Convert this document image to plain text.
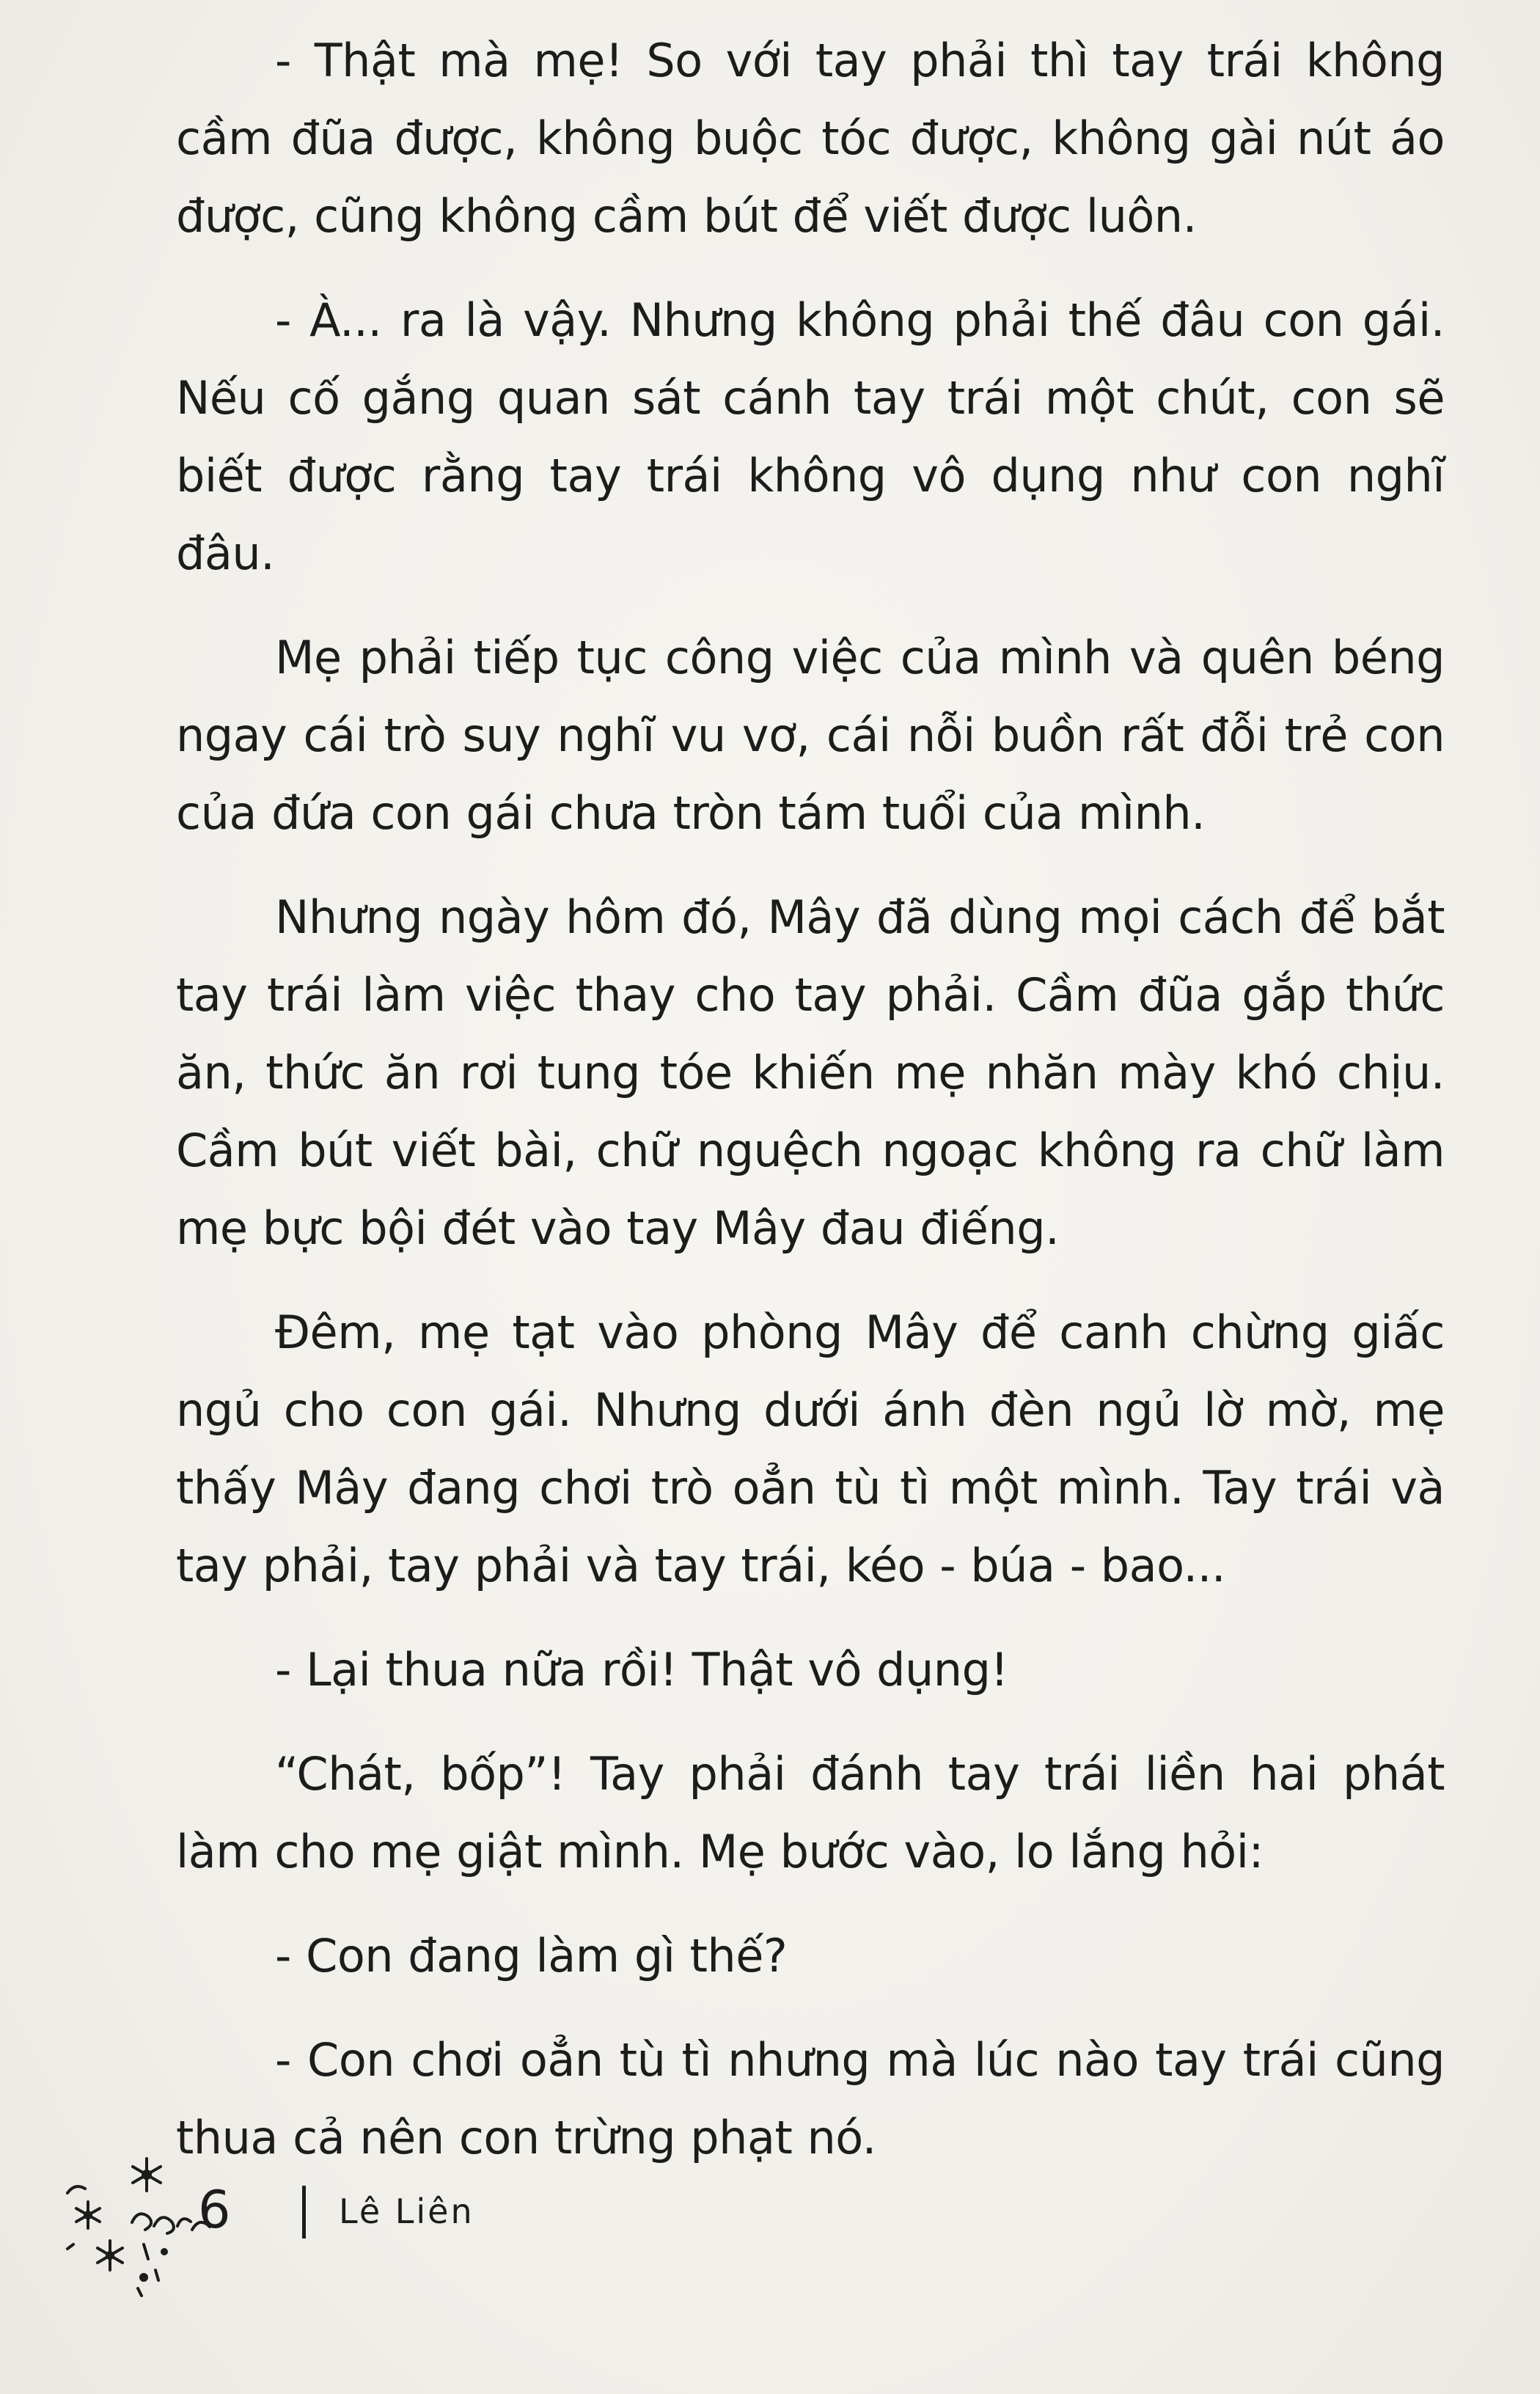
- Thật mà mẹ! So với tay phải thì tay trái không cầm đũa được, không buộc tóc được, không gài nút áo được, cũng không cầm bút để viết được luôn.

- À... ra là vậy. Nhưng không phải thế đâu con gái. Nếu cố gắng quan sát cánh tay trái một chút, con sẽ biết được rằng tay trái không vô dụng như con nghĩ đâu.

Mẹ phải tiếp tục công việc của mình và quên béng ngay cái trò suy nghĩ vu vơ, cái nỗi buồn rất đỗi trẻ con của đứa con gái chưa tròn tám tuổi của mình.

Nhưng ngày hôm đó, Mây đã dùng mọi cách để bắt tay trái làm việc thay cho tay phải. Cầm đũa gắp thức ăn, thức ăn rơi tung tóe khiến mẹ nhăn mày khó chịu. Cầm bút viết bài, chữ nguệch ngoạc không ra chữ làm mẹ bực bội đét vào tay Mây đau điếng.

Đêm, mẹ tạt vào phòng Mây để canh chừng giấc ngủ cho con gái. Nhưng dưới ánh đèn ngủ lờ mờ, mẹ thấy Mây đang chơi trò oẳn tù tì một mình. Tay trái và tay phải, tay phải và tay trái, kéo - búa - bao...

- Lại thua nữa rồi! Thật vô dụng!

“Chát, bốp”! Tay phải đánh tay trái liền hai phát làm cho mẹ giật mình. Mẹ bước vào, lo lắng hỏi:

- Con đang làm gì thế?

- Con chơi oẳn tù tì nhưng mà lúc nào tay trái cũng thua cả nên con trừng phạt nó.

6	Lê Liên
